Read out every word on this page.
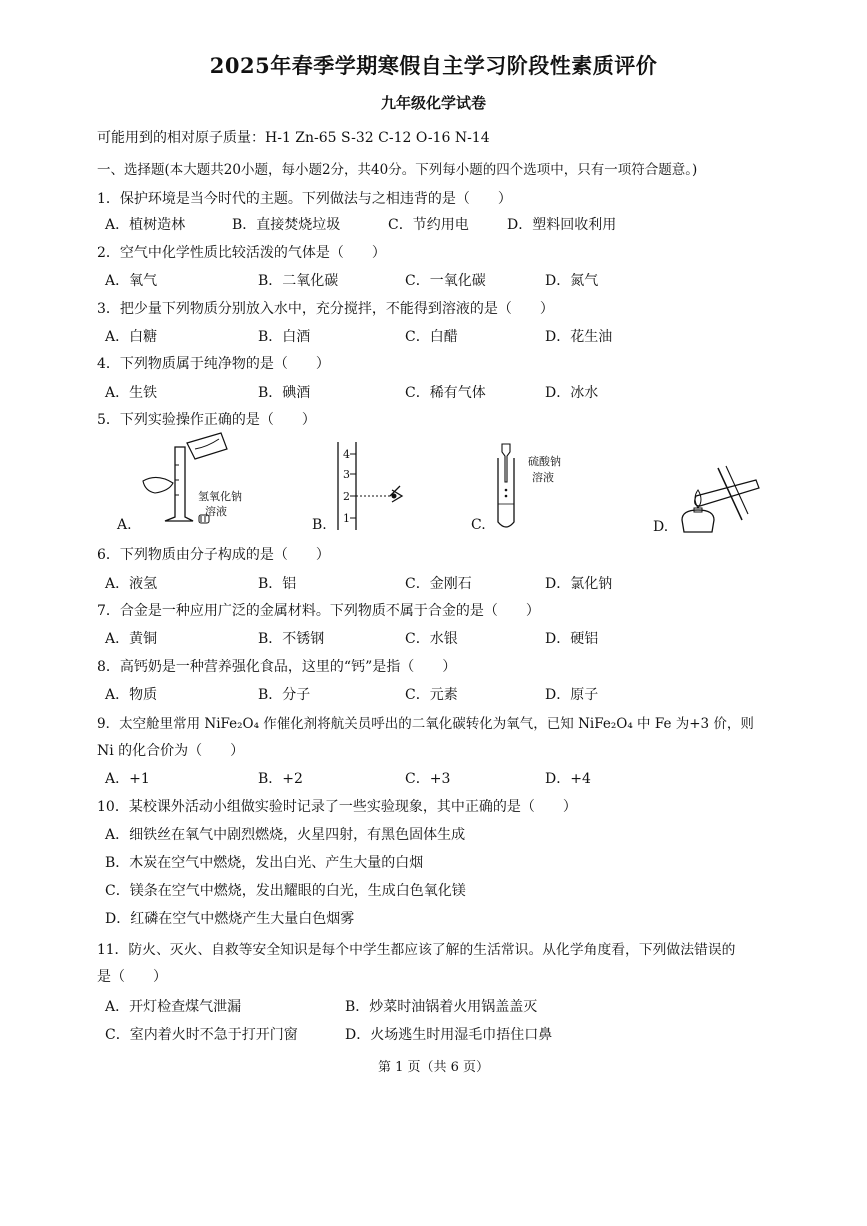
2025年春季学期寒假自主学习阶段性素质评价
九年级化学试卷
可能用到的相对原子质量：H-1 Zn-65 S-32 C-12 O-16 N-14
一、选择题(本大题共20小题，每小题2分，共40分。下列每小题的四个选项中，只有一项符合题意。)
1．保护环境是当今时代的主题。下列做法与之相违背的是（　　）
A．植树造林	B．直接焚烧垃圾	C．节约用电	D．塑料回收利用
2．空气中化学性质比较活泼的气体是（　　）
A．氧气	B．二氧化碳	C．一氧化碳	D．氮气
3．把少量下列物质分别放入水中，充分搅拌，不能得到溶液的是（　　）
A．白糖	B．白酒	C．白醋	D．花生油
4．下列物质属于纯净物的是（　　）
A．生铁	B．碘酒	C．稀有气体	D．冰水
5．下列实验操作正确的是（　　）
A.
氢氧化钠
溶液
B.
4
3
2
1	C.
硫酸钠
溶液
D.
6．下列物质由分子构成的是（　　）
A．液氢	B．铝	C．金刚石	D．氯化钠
7．合金是一种应用广泛的金属材料。下列物质不属于合金的是（　　）
A．黄铜	B．不锈钢	C．水银	D．硬铝
8．高钙奶是一种营养强化食品，这里的“钙”是指（　　）
A．物质	B．分子	C．元素	D．原子
9．太空舱里常用 NiFe₂O₄ 作催化剂将航关员呼出的二氧化碳转化为氧气，已知 NiFe₂O₄ 中 Fe 为+3 价，则
Ni 的化合价为（　　）
A．+1	B．+2	C．+3	D．+4
10．某校课外活动小组做实验时记录了一些实验现象，其中正确的是（　　）
A．细铁丝在氧气中剧烈燃烧，火星四射，有黑色固体生成
B．木炭在空气中燃烧，发出白光、产生大量的白烟
C．镁条在空气中燃烧，发出耀眼的白光，生成白色氧化镁
D．红磷在空气中燃烧产生大量白色烟雾
11．防火、灭火、自救等安全知识是每个中学生都应该了解的生活常识。从化学角度看，下列做法错误的
是（　　）
A．开灯检查煤气泄漏	B．炒菜时油锅着火用锅盖盖灭
C．室内着火时不急于打开门窗	D．火场逃生时用湿毛巾捂住口鼻
第 1 页（共 6 页）
